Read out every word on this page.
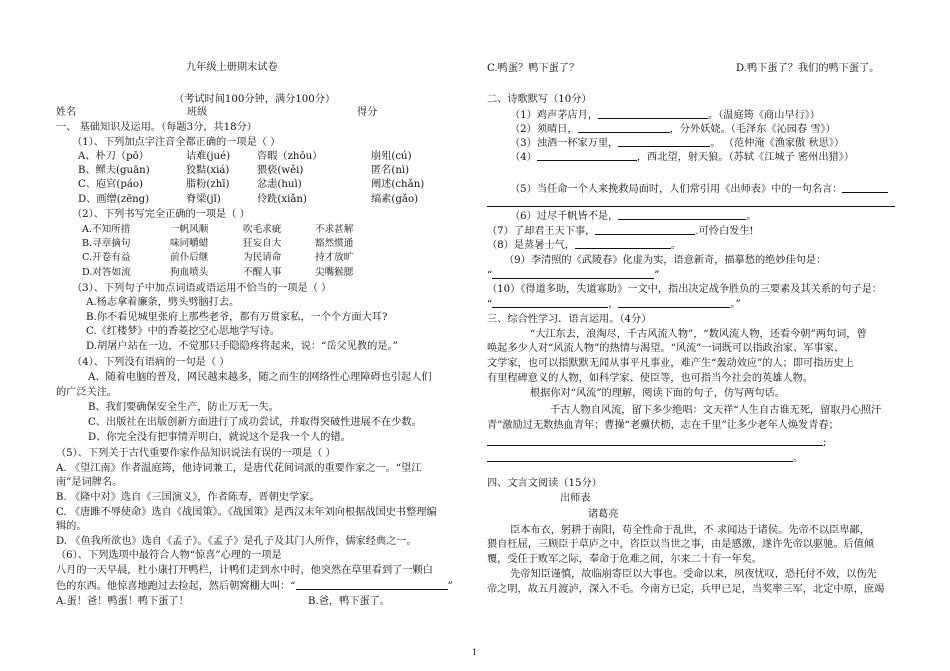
九年级上册期末试卷
（考试时间100分钟，满分100分）
姓名	班级	得分
一、 基础知识及运用。（每题3分，共18分）
（1）、下列加点字注音全都正确的一项是（ ）
A、朴刀（pō）	诘难(jué)	咨暇（zhōu）	崩殂(cú)
B、鳏夫(guān)	狡黠(xiá)	猥亵(wěi)	匿名(nì)
C、庖官(páo)	脂粉(zhī)	忿恚(huì)	阐述(chǎn)
D、画缯(zēng)	脊梁(jǐ)	伶跣(xiǎn)	缟素(gǎo)
（2）、下列书写完全正确的一项是（ ）
A.不知所措	一帆风顺	吹毛求疵	不求甚解
B.寻章摘句	味同嚼蜡	狂妄自大	豁然惯通
C.开卷有益	前仆后继	为民请命	持才放旷
D.对答如流	狗血喷头	不醒人事	尖嘴猴腮
（3）、下列句子中加点词语或语运用不恰当的一项是（ ）
A.杨志拿着廉条，劈头劈脑打去。
B.你不看见城里张府上那些老爷，都有万贯家私，一个个方面大耳?
C.《红楼梦》中的香菱挖空心思地学写诗。
D.胡屠户站在一边，不觉那只手隐隐疼将起来，说：“岳父见教的是。”
（4）、下列没有语病的一句是（ ）
A、随着电脑的普及，网民越来越多，随之而生的网络性心理障碍也引起人们
的广泛关注。
B、我们要确保安全生产，防止万无一失。
C、出版社在出版创新方面进行了成功尝试，并取得突破性进展不在少数。
D、你完全没有把事情弄明白，就说这个是我一个人的错。
（5）、下列关于古代重要作家作品知识说法有误的一项是（ ）
A. 《望江南》作者温庭筠，他诗词兼工，是唐代花间词派的重要作家之一。“望江
南”是词牌名。
B. 《隆中对》选自《三国演义》，作者陈寿，晋朝史学家。
C. 《唐雎不辱使命》选自《战国策》。《战国策》是西汉末年刘向根据战国史书整理编
辑的。
D. 《鱼我所欲也》选自《孟子》。《孟子》是孔子及其门人所作，儒家经典之一。
（6）、下列选项中最符合人物“惊喜”心理的一项是
八月的一天早晨，杜小康打开鸭栏，计鸭们走到水中时，他突然在草里看到了一颗白
色的东西。他惊喜地跑过去捡起，然后朝窝棚大叫：“	”
A.蛋！爸！鸭蛋！鸭下蛋了！	B.爸，鸭下蛋了。
C.鸭蛋？鸭下蛋了？	D.鸭下蛋了？我们的鸭下蛋了。
二、诗歌默写（10分）
（1）鸡声茅店月，	。（温庭筠《商山早行》）
（2）须晴日，	，分外妖娆。（毛泽东《沁园春 雪》）
（3）浊酒一杯家万里，	。 （范仲淹《渔家傲 秋思》）
（4）	，西北望，射天狼。（苏轼《江城子 密州出猎》）
（5）当任命一个人来挽救局面时，人们常引用《出师表》中的一句名言：
（6）过尽千帆皆不是，	。
（7）了却君王天下事，	.可怜白发生!
（8）是蒸暑士气，	。
（9）李清照的《武陵春》化虚为实，语意新奇，描摹愁的绝妙佳句是：
“	”
（10）《得道多助，失道寡助》一文中，指出决定战争胜负的三要素及其关系的句子是：
“	，	。”
三、综合性学习．语言运用。（4分）
“大江东去，浪淘尽，千古风流人物”，“数风流人物，还看今朝”两句词，曾
唤起多少人对“风流人物”的热情与渴望。“风流”一词既可以指政治家、军事家、
文学家，也可以指默默无闻从事平凡事业，难产生“轰动效应”的人；即可指历史上
有里程碑意义的人物，如科学家、使臣等，也可指当今社会的英雄人物。
根据你对“风流”的理解，阅读下面的句子，仿写两句话。
千古人物自风流，留下多少绝唱：文天祥“人生自古谁无死，留取丹心照汗
青”激励过无数热血青年；曹操“老骥伏枥，志在千里”让多少老年人焕发青春；
;
。
四、文言文阅读（15分）
出师表
诸葛亮
臣本布衣，躬耕于南阳，苟全性命于乱世，不 求闻达于诸侯。先帝不以臣卑鄙，
猥自枉屈，三顾臣于草庐之中，咨臣以当世之事，由是感激，遂许先帝以驱驰。后值倾
覆，受任于败军之际，奉命于危难之间，尔来二十有一年矣。
先帝知臣谨慎，故临崩寄臣以大事也。受命以来，夙夜忧叹，恐托付不效，以伤先
帝之明，故五月渡泸，深入不毛。今南方已定，兵甲已足，当奖率三军，北定中原，庶竭
1
